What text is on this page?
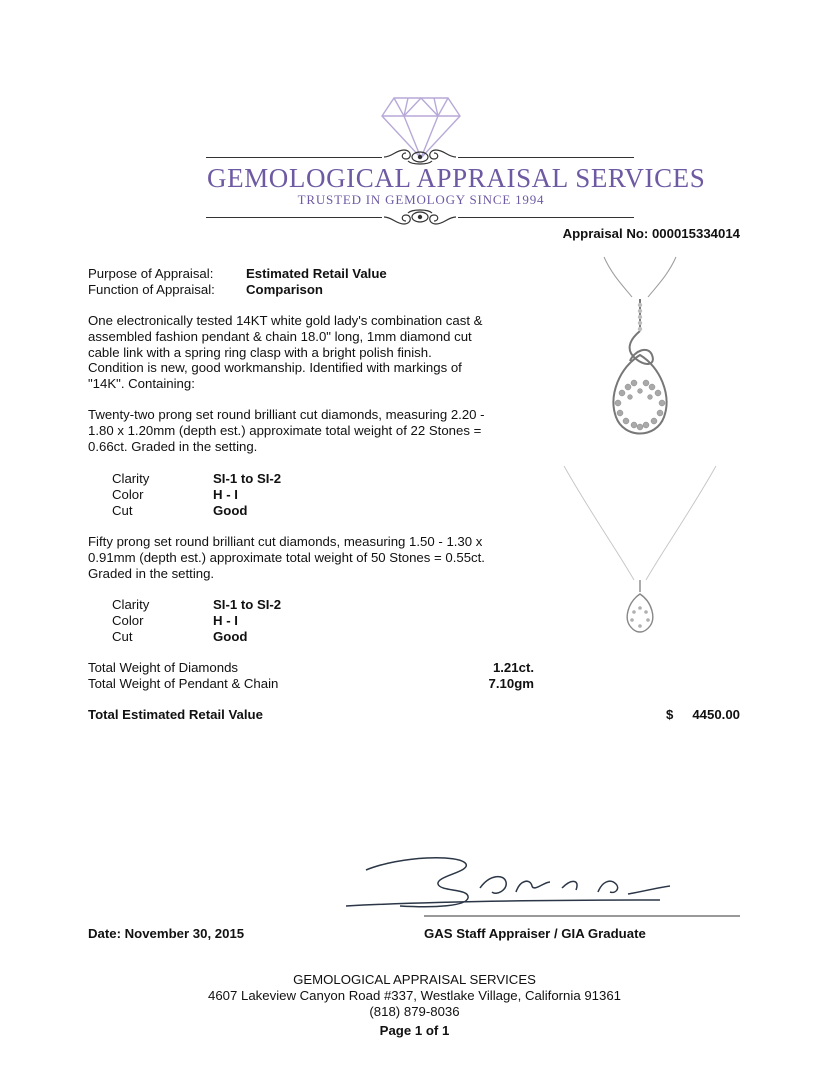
GEMOLOGICAL APPRAISAL SERVICES
TRUSTED IN GEMOLOGY SINCE 1994
Appraisal No: 000015334014
Purpose of Appraisal: Estimated Retail Value
Function of Appraisal: Comparison
One electronically tested 14KT white gold lady's combination cast & assembled fashion pendant & chain 18.0" long, 1mm diamond cut cable link with a spring ring clasp with a bright polish finish. Condition is new, good workmanship. Identified with markings of "14K". Containing:
Twenty-two prong set round brilliant cut diamonds, measuring 2.20 - 1.80 x 1.20mm (depth est.) approximate total weight of 22 Stones = 0.66ct. Graded in the setting.
Clarity	SI-1 to SI-2
Color	H - I
Cut	Good
Fifty prong set round brilliant cut diamonds, measuring 1.50 - 1.30 x 0.91mm (depth est.) approximate total weight of 50 Stones = 0.55ct. Graded in the setting.
Clarity	SI-1 to SI-2
Color	H - I
Cut	Good
Total Weight of Diamonds	1.21ct.
Total Weight of Pendant & Chain	7.10gm
Total Estimated Retail Value	$	4450.00
Date: November 30, 2015	GAS Staff Appraiser / GIA Graduate
GEMOLOGICAL APPRAISAL SERVICES
4607 Lakeview Canyon Road #337, Westlake Village, California 91361
(818) 879-8036
Page 1 of 1
